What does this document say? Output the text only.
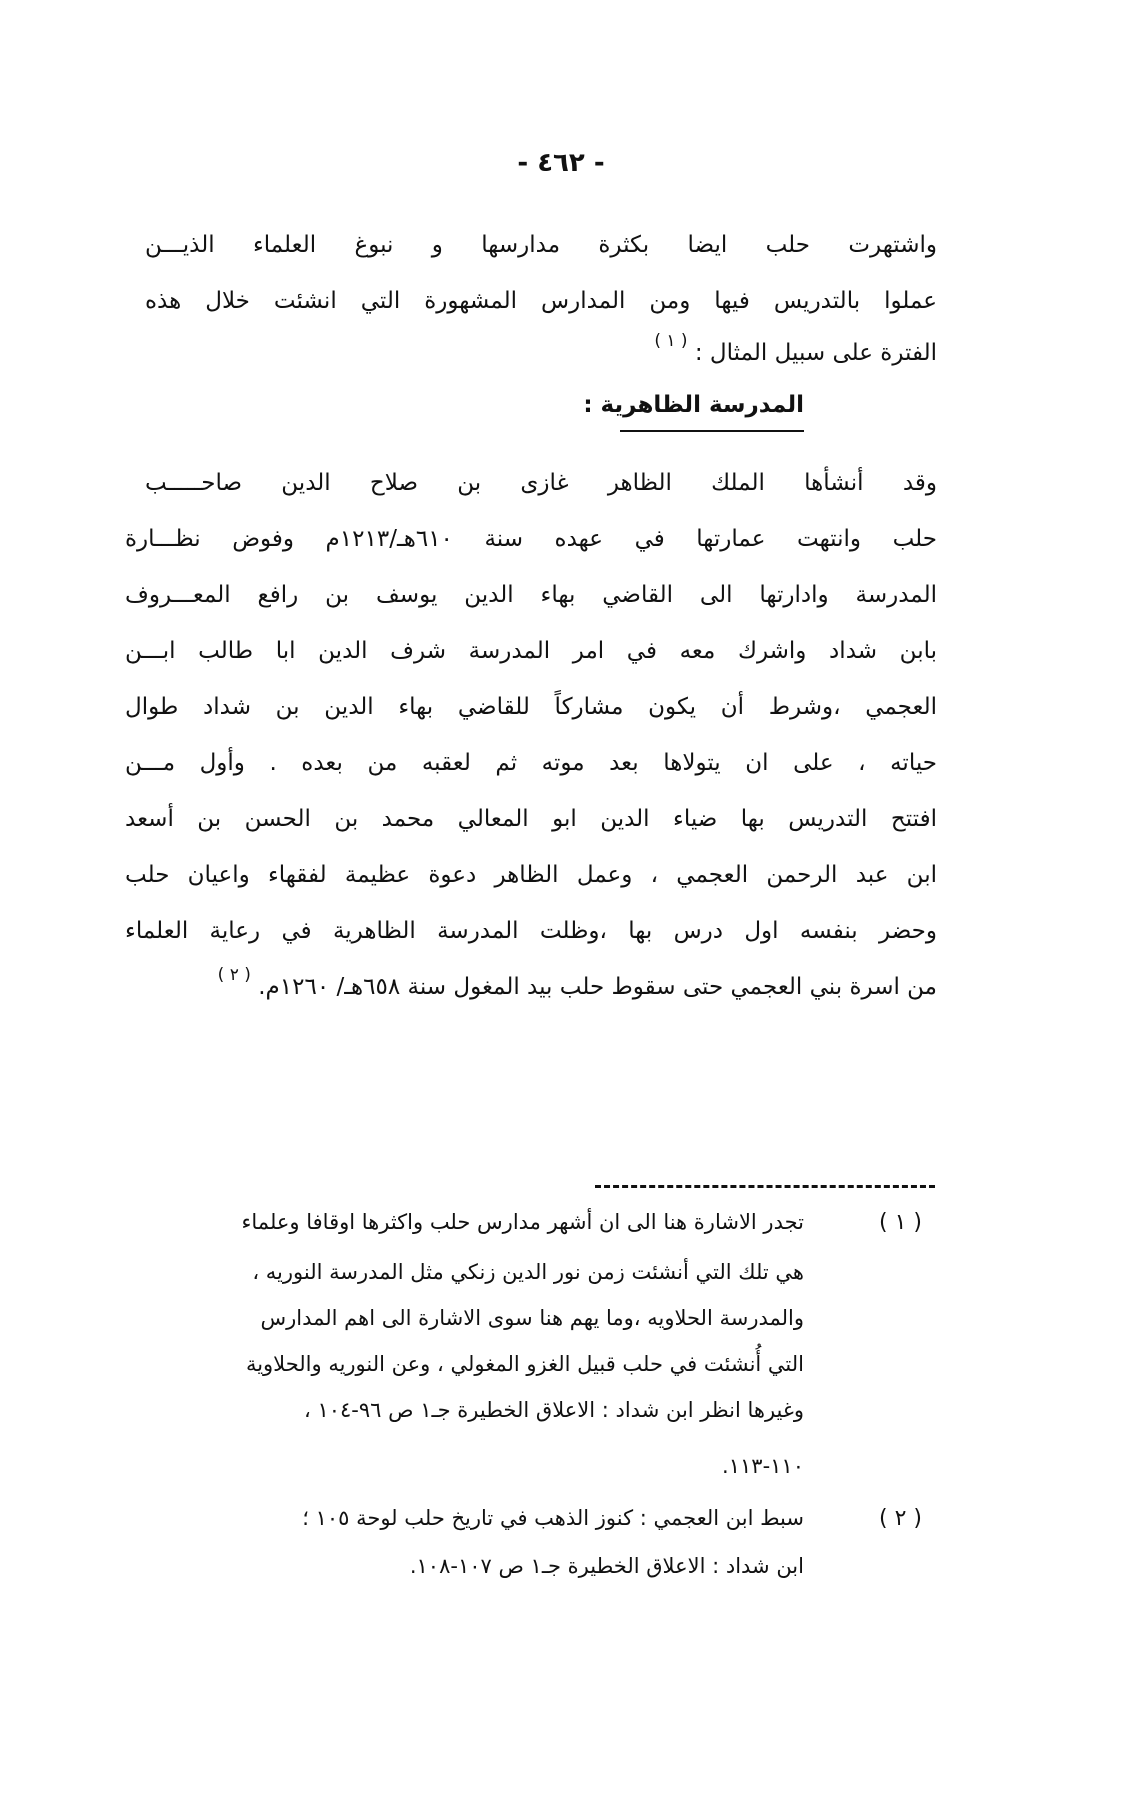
- ٤٦٢ -
واشتهرت حلب ايضا بكثرة مدارسها و نبوغ العلماء الذيـــن
عملوا بالتدريس فيها ومن المدارس المشهورة التي انشئت خلال هذه
الفترة على سبيل المثال : $^{( ١ )}$
المدرسة الظاهرية :
وقد أنشأها الملك الظاهر غازى بن صلاح الدين صاحـــــب
حلب وانتهت عمارتها في عهده سنة ٦١٠هـ/١٢١٣م وفوض نظـــارة
المدرسة وادارتها الى القاضي بهاء الدين يوسف بن رافع المعـــروف
بابن شداد واشرك معه في امر المدرسة شرف الدين ابا طالب ابـــن
العجمي ،وشرط أن يكون مشاركاً للقاضي بهاء الدين بن شداد طوال
حياته ، على ان يتولاها بعد موته ثم لعقبه من بعده . وأول مـــن
افتتح التدريس بها ضياء الدين ابو المعالي محمد بن الحسن بن أسعد
ابن عبد الرحمن العجمي ، وعمل الظاهر دعوة عظيمة لفقهاء واعيان حلب
وحضر بنفسه اول درس بها ،وظلت المدرسة الظاهرية في رعاية العلماء
من اسرة بني العجمي حتى سقوط حلب بيد المغول سنة ٦٥٨هـ/ ١٢٦٠م. $^{( ٢ )}$
( ١ )
تجدر الاشارة هنا الى ان أشهر مدارس حلب واكثرها اوقافا وعلماء
هي تلك التي أنشئت زمن نور الدين زنكي مثل المدرسة النوريه ،
والمدرسة الحلاويه ،وما يهم هنا سوى الاشارة الى اهم المدارس
التي أُنشئت في حلب قبيل الغزو المغولي ، وعن النوريه والحلاوية
وغيرها انظر ابن شداد : الاعلاق الخطيرة جـ١ ص ٩٦-١٠٤ ،
١١٠-١١٣.
( ٢ )
سبط ابن العجمي : كنوز الذهب في تاريخ حلب لوحة ١٠٥ ؛
ابن شداد : الاعلاق الخطيرة جـ١ ص ١٠٧-١٠٨.
